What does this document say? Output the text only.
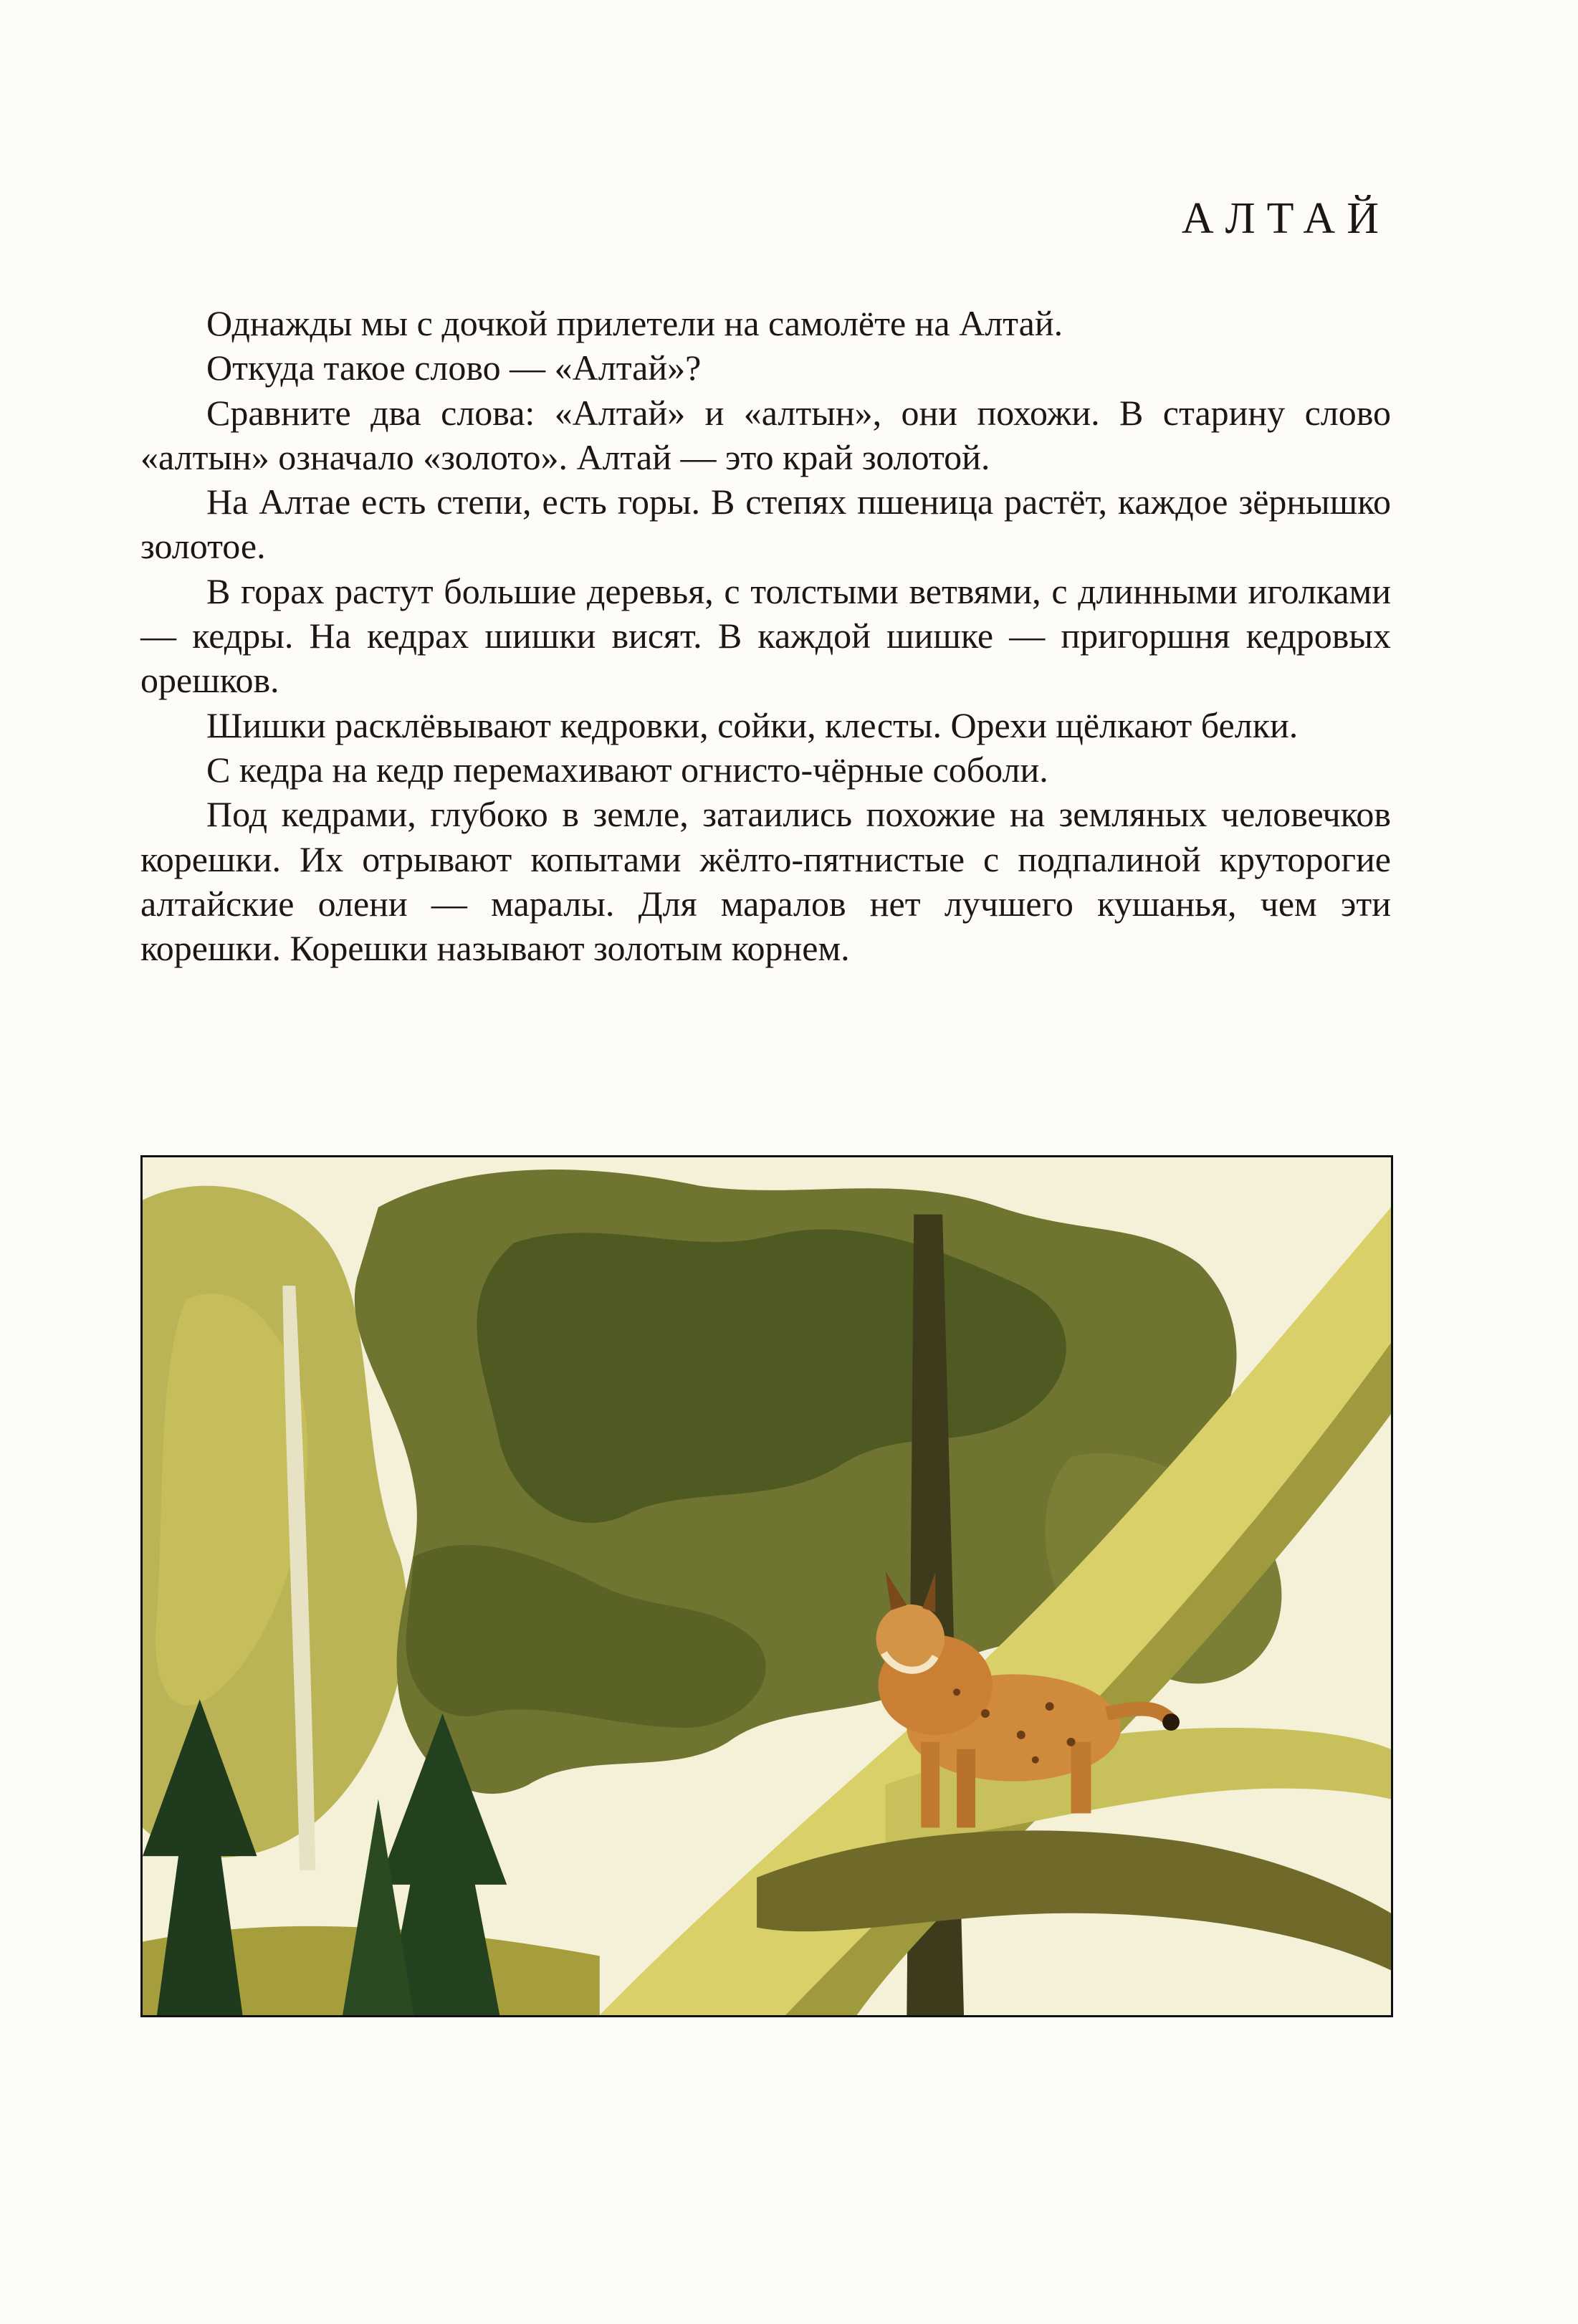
АЛТАЙ

Однажды мы с дочкой прилетели на самолёте на Алтай.

Откуда такое слово — «Алтай»?

Сравните два слова: «Алтай» и «алтын», они похожи. В старину слово «алтын» означало «золото». Алтай — это край золотой.

На Алтае есть степи, есть горы. В степях пшеница растёт, каждое зёрнышко золотое.

В горах растут большие деревья, с толстыми ветвями, с длинными иголками — кедры. На кедрах шишки висят. В каждой шишке — пригоршня кедровых орешков.

Шишки расклёвывают кедровки, сойки, клесты. Орехи щёлкают белки.

С кедра на кедр перемахивают огнисто-чёрные соболи.

Под кедрами, глубоко в земле, затаились похожие на земляных человечков корешки. Их отрывают копытами жёлто-пятнистые с подпалиной круторогие алтайские олени — маралы. Для маралов нет лучшего кушанья, чем эти корешки. Корешки называют золотым корнем.
